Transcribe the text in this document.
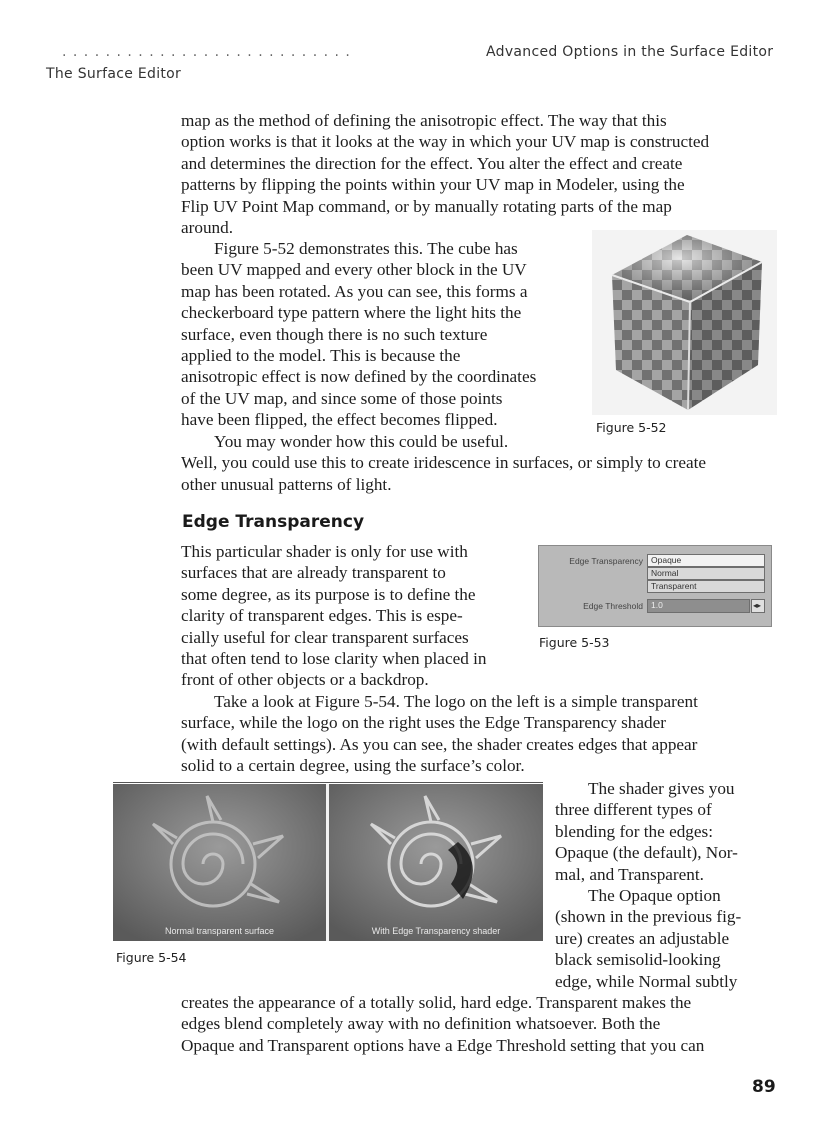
. . . . . . . . . . . . . . . . . . . . . . . . . . .	Advanced Options in the Surface Editor
The Surface Editor
map as the method of defining the anisotropic effect. The way that this
option works is that it looks at the way in which your UV map is constructed
and determines the direction for the effect. You alter the effect and create
patterns by flipping the points within your UV map in Modeler, using the
Flip UV Point Map command, or by manually rotating parts of the map
around.
Figure 5-52 demonstrates this. The cube has
been UV mapped and every other block in the UV
map has been rotated. As you can see, this forms a
checkerboard type pattern where the light hits the
surface, even though there is no such texture
applied to the model. This is because the
anisotropic effect is now defined by the coordinates
of the UV map, and since some of those points
have been flipped, the effect becomes flipped.
You may wonder how this could be useful.
Well, you could use this to create iridescence in surfaces, or simply to create
other unusual patterns of light.
Figure 5-52
Edge Transparency
This particular shader is only for use with
surfaces that are already transparent to
some degree, as its purpose is to define the
clarity of transparent edges. This is espe-
cially useful for clear transparent surfaces
that often tend to lose clarity when placed in
front of other objects or a backdrop.
Edge Transparency Opaque
Normal
Transparent
Edge Threshold 1.0	◂▸
Figure 5-53
Take a look at Figure 5-54. The logo on the left is a simple transparent
surface, while the logo on the right uses the Edge Transparency shader
(with default settings). As you can see, the shader creates edges that appear
solid to a certain degree, using the surface’s color.
Normal transparent surface	With Edge Transparency shader
Figure 5-54
The shader gives you
three different types of
blending for the edges:
Opaque (the default), Nor-
mal, and Transparent.
The Opaque option
(shown in the previous fig-
ure) creates an adjustable
black semisolid-looking
edge, while Normal subtly
creates the appearance of a totally solid, hard edge. Transparent makes the
edges blend completely away with no definition whatsoever. Both the
Opaque and Transparent options have a Edge Threshold setting that you can
89
